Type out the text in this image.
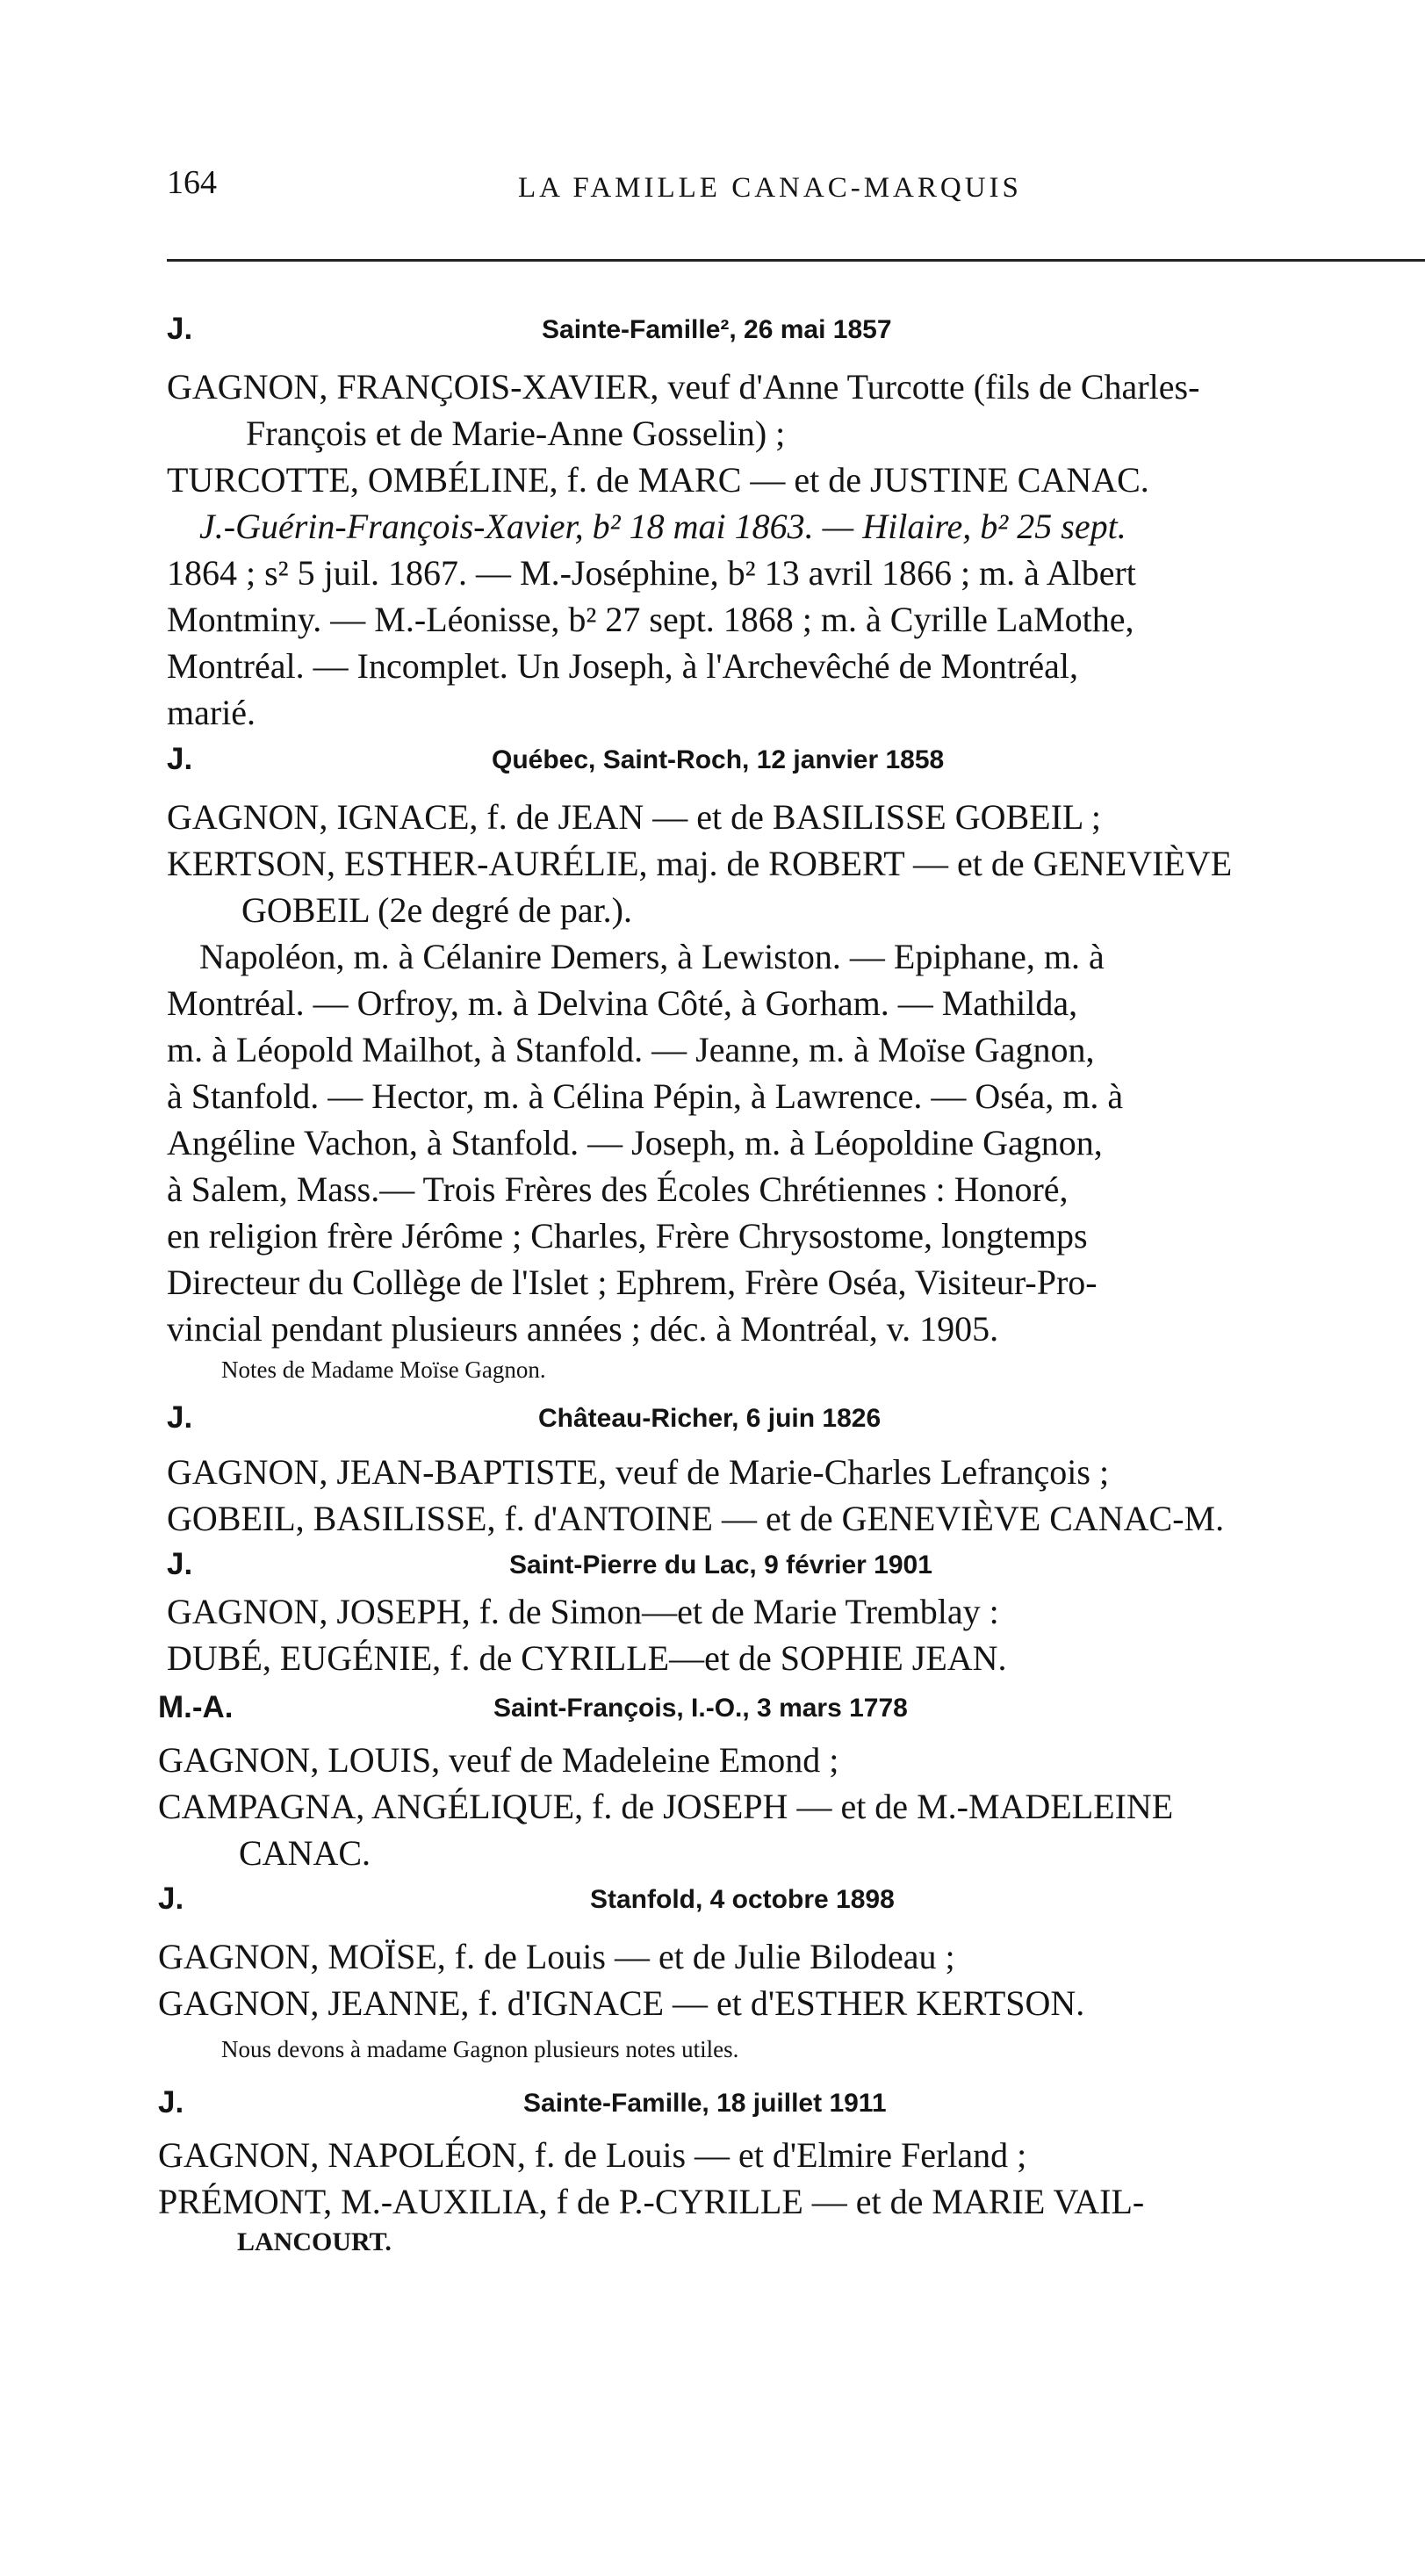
164	LA FAMILLE CANAC-MARQUIS
J.	Sainte-Famille², 26 mai 1857
GAGNON, FRANÇOIS-XAVIER, veuf d'Anne Turcotte (fils de Charles-
François et de Marie-Anne Gosselin) ;
TURCOTTE, OMBÉLINE, f. de MARC — et de JUSTINE CANAC.
J.-Guérin-François-Xavier, b² 18 mai 1863. — Hilaire, b² 25 sept.
1864 ; s² 5 juil. 1867. — M.-Joséphine, b² 13 avril 1866 ; m. à Albert
Montminy. — M.-Léonisse, b² 27 sept. 1868 ; m. à Cyrille LaMothe,
Montréal. — Incomplet. Un Joseph, à l'Archevêché de Montréal,
marié.
J.	Québec, Saint-Roch, 12 janvier 1858
GAGNON, IGNACE, f. de JEAN — et de BASILISSE GOBEIL ;
KERTSON, ESTHER-AURÉLIE, maj. de ROBERT — et de GENEVIÈVE
GOBEIL (2e degré de par.).
Napoléon, m. à Célanire Demers, à Lewiston. — Epiphane, m. à
Montréal. — Orfroy, m. à Delvina Côté, à Gorham. — Mathilda,
m. à Léopold Mailhot, à Stanfold. — Jeanne, m. à Moïse Gagnon,
à Stanfold. — Hector, m. à Célina Pépin, à Lawrence. — Oséa, m. à
Angéline Vachon, à Stanfold. — Joseph, m. à Léopoldine Gagnon,
à Salem, Mass.— Trois Frères des Écoles Chrétiennes : Honoré,
en religion frère Jérôme ; Charles, Frère Chrysostome, longtemps
Directeur du Collège de l'Islet ; Ephrem, Frère Oséa, Visiteur-Pro-
vincial pendant plusieurs années ; déc. à Montréal, v. 1905.
Notes de Madame Moïse Gagnon.
J.	Château-Richer, 6 juin 1826
GAGNON, JEAN-BAPTISTE, veuf de Marie-Charles Lefrançois ;
GOBEIL, BASILISSE, f. d'ANTOINE — et de GENEVIÈVE CANAC-M.
J.	Saint-Pierre du Lac, 9 février 1901
GAGNON, JOSEPH, f. de Simon—et de Marie Tremblay :
DUBÉ, EUGÉNIE, f. de CYRILLE—et de SOPHIE JEAN.
M.-A.	Saint-François, I.-O., 3 mars 1778
GAGNON, LOUIS, veuf de Madeleine Emond ;
CAMPAGNA, ANGÉLIQUE, f. de JOSEPH — et de M.-MADELEINE
CANAC.
J.	Stanfold, 4 octobre 1898
GAGNON, MOÏSE, f. de Louis — et de Julie Bilodeau ;
GAGNON, JEANNE, f. d'IGNACE — et d'ESTHER KERTSON.
Nous devons à madame Gagnon plusieurs notes utiles.
J.	Sainte-Famille, 18 juillet 1911
GAGNON, NAPOLÉON, f. de Louis — et d'Elmire Ferland ;
PRÉMONT, M.-AUXILIA, f de P.-CYRILLE — et de MARIE VAIL-
LANCOURT.
